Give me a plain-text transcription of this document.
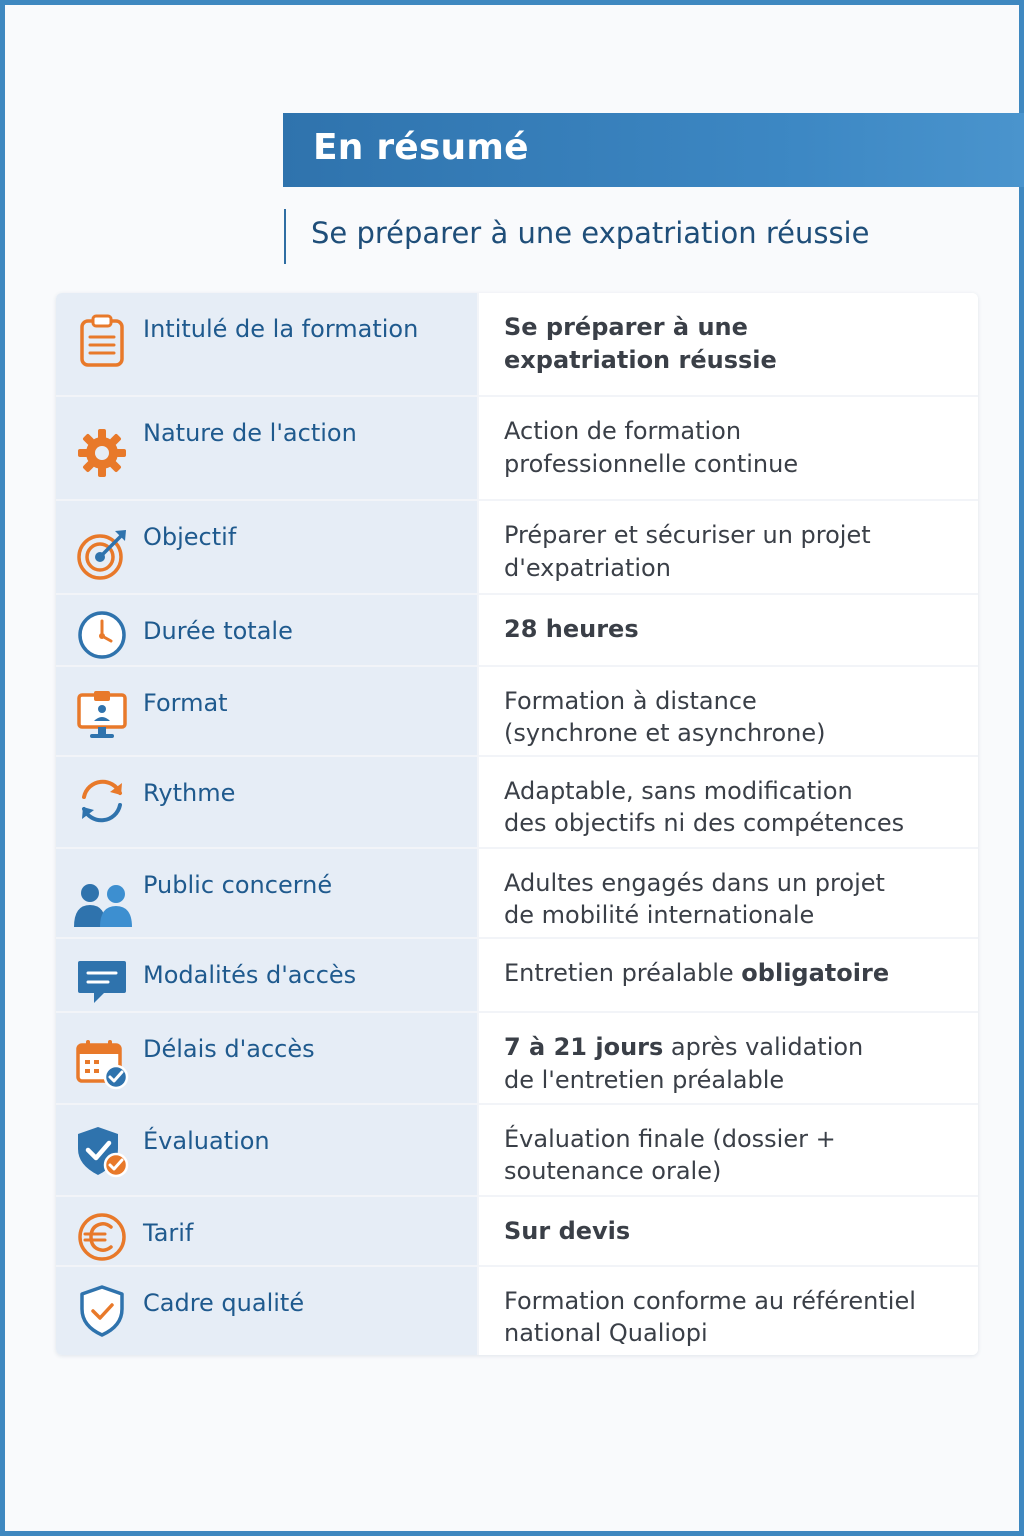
En résumé
Se préparer à une expatriation réussie
Intitulé de la formation	Se préparer à une
expatriation réussie
Nature de l'action	Action de formation
professionnelle continue
Objectif	Préparer et sécuriser un projet
d'expatriation
Durée totale	28 heures
Format	Formation à distance
(synchrone et asynchrone)
Rythme	Adaptable, sans modification
des objectifs ni des compétences
Public concerné	Adultes engagés dans un projet
de mobilité internationale
Modalités d'accès	Entretien préalable obligatoire
Délais d'accès	7 à 21 jours après validation
de l'entretien préalable
Évaluation	Évaluation finale (dossier +
soutenance orale)
Tarif	Sur devis
Cadre qualité	Formation conforme au référentiel
national Qualiopi
